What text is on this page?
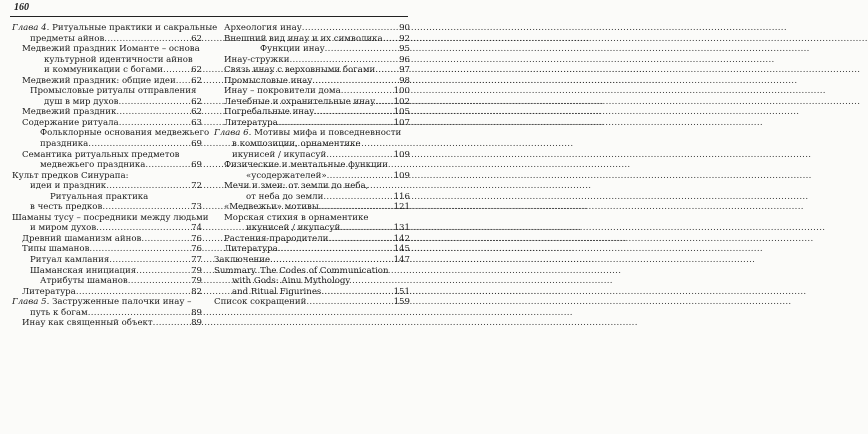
160
Глава 4. Ритуальные практики и сакральные
предметы айнов .....	62
Медвежий праздник Иоманте – основа
культурной идентичности айнов
и коммуникации с богами .....	62
Медвежий праздник: общие идеи ..... 62
Промысловые ритуалы отправления
душ в мир духов .....	62
Медвежий праздник .....	62
Содержание ритуала .....	63
Фольклорные основания медвежьего
праздника .....	69
Семантика ритуальных предметов
медвежьего праздника .....	69
Культ предков Синурапа:
идеи и праздник .....	72
Ритуальная практика
в честь предков .....	73
Шаманы тусу – посредники между людьми
и миром духов .....	74
Древний шаманизм айнов .....	76
Типы шаманов .....	76
Ритуал камлания .....	77
Шаманская инициация .....	79
Атрибуты шаманов .....	79
Литература .....	82
Глава 5. Заструженные палочки инау –
путь к богам .....	89
Инау как священный объект .....	89
Археология инау .....	90
Внешний вид инау и их символика ..... 92
Функции инау .....	95
Инау-стружки .....	96
Связь инау с верховными богами .....	97
Промысловые инау .....	98
Инау – покровители дома .....	100
Лечебные и охранительные инау ..... 102
Погребальные инау .....	105
Литература .....	107
Глава 6. Мотивы мифа и повседневности
в композиции, орнаментике
икунисей / икупасуй .....	109
Физические и ментальные функции
«усодержателей» .....	109
Мечи и змеи: от земли до неба,
от неба до земли .....	116
«Медвежьи» мотивы .....	121
Морская стихия в орнаментике
икунисей / икупасуй .....	131
Растения-прародители .....	142
Литература .....	145
Заключение .....	147
Summary. The Codes of Communication
with Gods: Ainu Mythology
and Ritual Figurines .....	151
Список сокращений .....	159
